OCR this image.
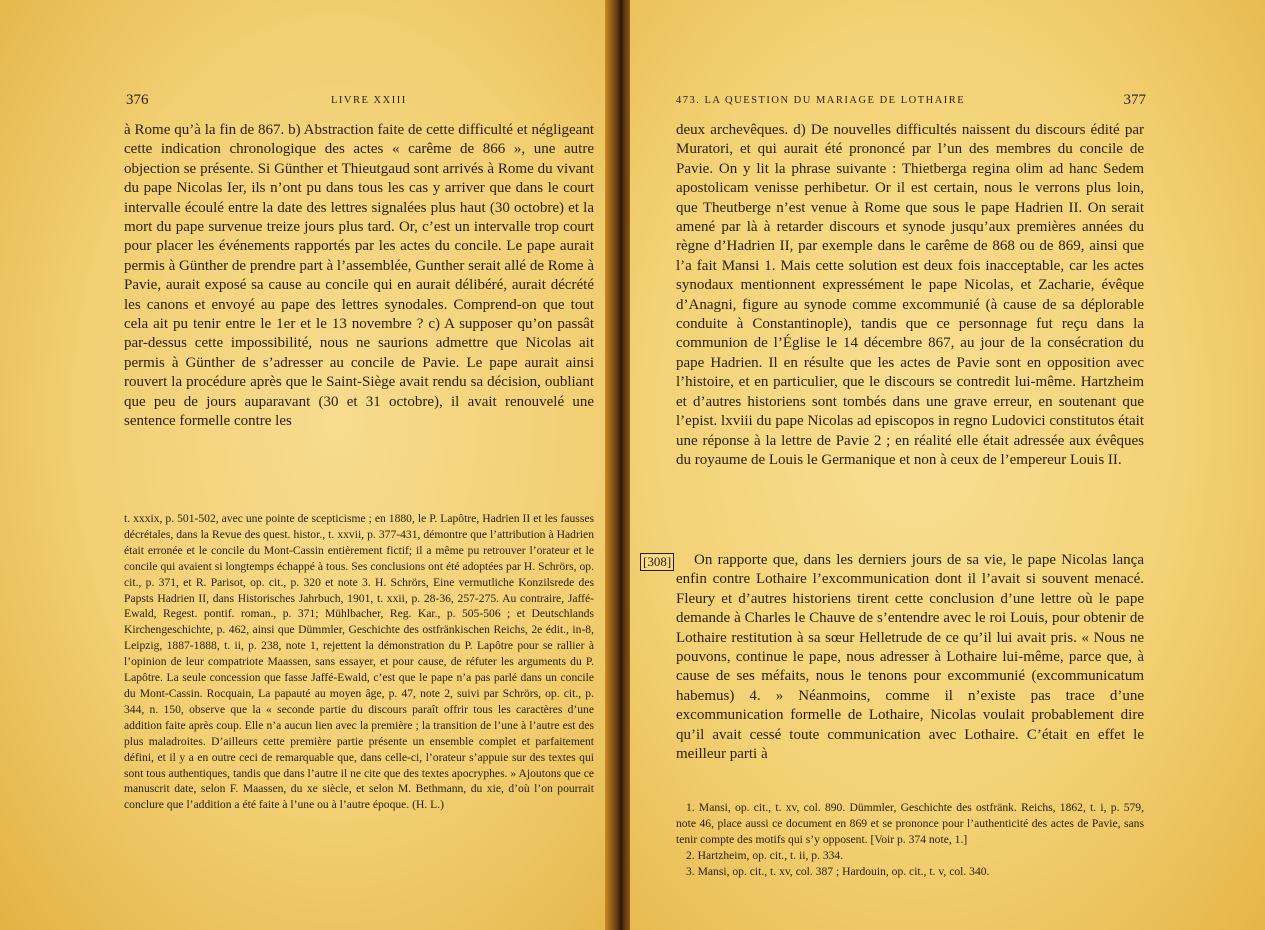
376	LIVRE XXIII

à Rome qu’à la fin de 867. b) Abstraction faite de cette difficulté et négligeant cette indication chronologique des actes « carême de 866 », une autre objection se présente. Si Günther et Thieutgaud sont arrivés à Rome du vivant du pape Nicolas Ier, ils n’ont pu dans tous les cas y arriver que dans le court intervalle écoulé entre la date des lettres signalées plus haut (30 octobre) et la mort du pape survenue treize jours plus tard. Or, c’est un intervalle trop court pour placer les événements rapportés par les actes du concile. Le pape aurait permis à Günther de prendre part à l’assemblée, Gunther serait allé de Rome à Pavie, aurait exposé sa cause au concile qui en aurait délibéré, aurait décrété les canons et envoyé au pape des lettres synodales. Comprend-on que tout cela ait pu tenir entre le 1er et le 13 novembre ? c) A supposer qu’on passât par-dessus cette impossibilité, nous ne saurions admettre que Nicolas ait permis à Günther de s’adresser au concile de Pavie. Le pape aurait ainsi rouvert la procédure après que le Saint-Siège avait rendu sa décision, oubliant que peu de jours auparavant (30 et 31 octobre), il avait renouvelé une sentence formelle contre les

t. xxxix, p. 501-502, avec une pointe de scepticisme ; en 1880, le P. Lapôtre, Hadrien II et les fausses décrétales, dans la Revue des quest. histor., t. xxvii, p. 377-431, démontre que l’attribution à Hadrien était erronée et le concile du Mont-Cassin entièrement fictif; il a même pu retrouver l’orateur et le concile qui avaient si longtemps échappé à tous. Ses conclusions ont été adoptées par H. Schrörs, op. cit., p. 371, et R. Parisot, op. cit., p. 320 et note 3. H. Schrörs, Eine vermutliche Konzilsrede des Papsts Hadrien II, dans Historisches Jahrbuch, 1901, t. xxii, p. 28-36, 257-275. Au contraire, Jaffé-Ewald, Regest. pontif. roman., p. 371; Mühlbacher, Reg. Kar., p. 505-506 ; et Deutschlands Kirchengeschichte, p. 462, ainsi que Dümmler, Geschichte des ostfränkischen Reichs, 2e édit., in-8, Leipzig, 1887-1888, t. ii, p. 238, note 1, rejettent la démonstration du P. Lapôtre pour se rallier à l’opinion de leur compatriote Maassen, sans essayer, et pour cause, de réfuter les arguments du P. Lapôtre. La seule concession que fasse Jaffé-Ewald, c’est que le pape n’a pas parlé dans un concile du Mont-Cassin. Rocquain, La papauté au moyen âge, p. 47, note 2, suivi par Schrörs, op. cit., p. 344, n. 150, observe que la « seconde partie du discours paraît offrir tous les caractères d’une addition faite après coup. Elle n’a aucun lien avec la première ; la transition de l’une à l’autre est des plus maladroites. D’ailleurs cette première partie présente un ensemble complet et parfaitement défini, et il y a en outre ceci de remarquable que, dans celle-ci, l’orateur s’appuie sur des textes qui sont tous authentiques, tandis que dans l’autre il ne cite que des textes apocryphes. » Ajoutons que ce manuscrit date, selon F. Maassen, du xe siècle, et selon M. Bethmann, du xie, d’où l’on pourrait conclure que l’addition a été faite à l’une ou à l’autre époque. (H. L.)

473. LA QUESTION DU MARIAGE DE LOTHAIRE	377

deux archevêques. d) De nouvelles difficultés naissent du discours édité par Muratori, et qui aurait été prononcé par l’un des membres du concile de Pavie. On y lit la phrase suivante : Thietberga regina olim ad hanc Sedem apostolicam venisse perhibetur. Or il est certain, nous le verrons plus loin, que Theutberge n’est venue à Rome que sous le pape Hadrien II. On serait amené par là à retarder discours et synode jusqu’aux premières années du règne d’Hadrien II, par exemple dans le carême de 868 ou de 869, ainsi que l’a fait Mansi 1. Mais cette solution est deux fois inacceptable, car les actes synodaux mentionnent expressément le pape Nicolas, et Zacharie, évêque d’Anagni, figure au synode comme excommunié (à cause de sa déplorable conduite à Constantinople), tandis que ce personnage fut reçu dans la communion de l’Église le 14 décembre 867, au jour de la consécration du pape Hadrien. Il en résulte que les actes de Pavie sont en opposition avec l’histoire, et en particulier, que le discours se contredit lui-même. Hartzheim et d’autres historiens sont tombés dans une grave erreur, en soutenant que l’epist. lxviii du pape Nicolas ad episcopos in regno Ludovici constitutos était une réponse à la lettre de Pavie 2 ; en réalité elle était adressée aux évêques du royaume de Louis le Germanique et non à ceux de l’empereur Louis II.

[308]	On rapporte que, dans les derniers jours de sa vie, le pape Nicolas lança enfin contre Lothaire l’excommunication dont il l’avait si souvent menacé. Fleury et d’autres historiens tirent cette conclusion d’une lettre où le pape demande à Charles le Chauve de s’entendre avec le roi Louis, pour obtenir de Lothaire restitution à sa sœur Helletrude de ce qu’il lui avait pris. « Nous ne pouvons, continue le pape, nous adresser à Lothaire lui-même, parce que, à cause de ses méfaits, nous le tenons pour excommunié (excommunicatum habemus) 4. » Néanmoins, comme il n’existe pas trace d’une excommunication formelle de Lothaire, Nicolas voulait probablement dire qu’il avait cessé toute communication avec Lothaire. C’était en effet le meilleur parti à

1. Mansi, op. cit., t. xv, col. 890. Dümmler, Geschichte des ostfränk. Reichs, 1862, t. i, p. 579, note 46, place aussi ce document en 869 et se prononce pour l’authenticité des actes de Pavie, sans tenir compte des motifs qui s’y opposent. [Voir p. 374 note, 1.]

2. Hartzheim, op. cit., t. ii, p. 334.

3. Mansi, op. cit., t. xv, col. 387 ; Hardouin, op. cit., t. v, col. 340.
